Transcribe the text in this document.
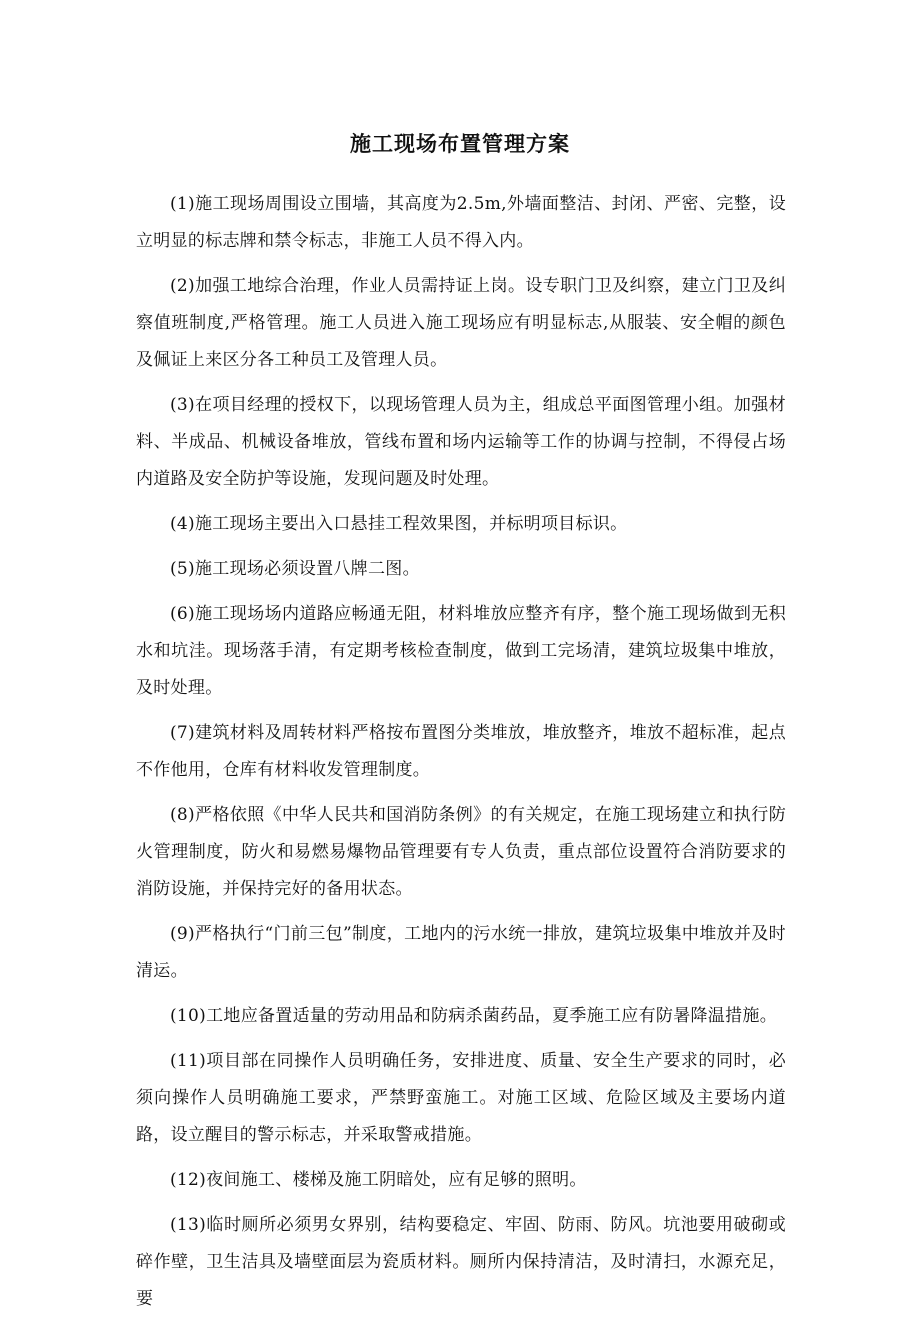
施工现场布置管理方案

(1)施工现场周围设立围墙，其高度为2.5m,外墙面整洁、封闭、严密、完整，设立明显的标志牌和禁令标志，非施工人员不得入内。

(2)加强工地综合治理，作业人员需持证上岗。设专职门卫及纠察，建立门卫及纠察值班制度,严格管理。施工人员进入施工现场应有明显标志,从服装、安全帽的颜色及佩证上来区分各工种员工及管理人员。

(3)在项目经理的授权下，以现场管理人员为主，组成总平面图管理小组。加强材料、半成品、机械设备堆放，管线布置和场内运输等工作的协调与控制，不得侵占场内道路及安全防护等设施，发现问题及时处理。

(4)施工现场主要出入口悬挂工程效果图，并标明项目标识。

(5)施工现场必须设置八牌二图。

(6)施工现场场内道路应畅通无阻，材料堆放应整齐有序，整个施工现场做到无积水和坑洼。现场落手清，有定期考核检查制度，做到工完场清，建筑垃圾集中堆放，及时处理。

(7)建筑材料及周转材料严格按布置图分类堆放，堆放整齐，堆放不超标准，起点不作他用，仓库有材料收发管理制度。

(8)严格依照《中华人民共和国消防条例》的有关规定，在施工现场建立和执行防火管理制度，防火和易燃易爆物品管理要有专人负责，重点部位设置符合消防要求的消防设施，并保持完好的备用状态。

(9)严格执行“门前三包”制度，工地内的污水统一排放，建筑垃圾集中堆放并及时清运。

(10)工地应备置适量的劳动用品和防病杀菌药品，夏季施工应有防暑降温措施。

(11)项目部在同操作人员明确任务，安排进度、质量、安全生产要求的同时，必须向操作人员明确施工要求，严禁野蛮施工。对施工区域、危险区域及主要场内道路，设立醒目的警示标志，并采取警戒措施。

(12)夜间施工、楼梯及施工阴暗处，应有足够的照明。

(13)临时厕所必须男女界别，结构要稳定、牢固、防雨、防风。坑池要用破砌或碎作壁，卫生洁具及墙壁面层为瓷质材料。厕所内保持清洁，及时清扫，水源充足，要
